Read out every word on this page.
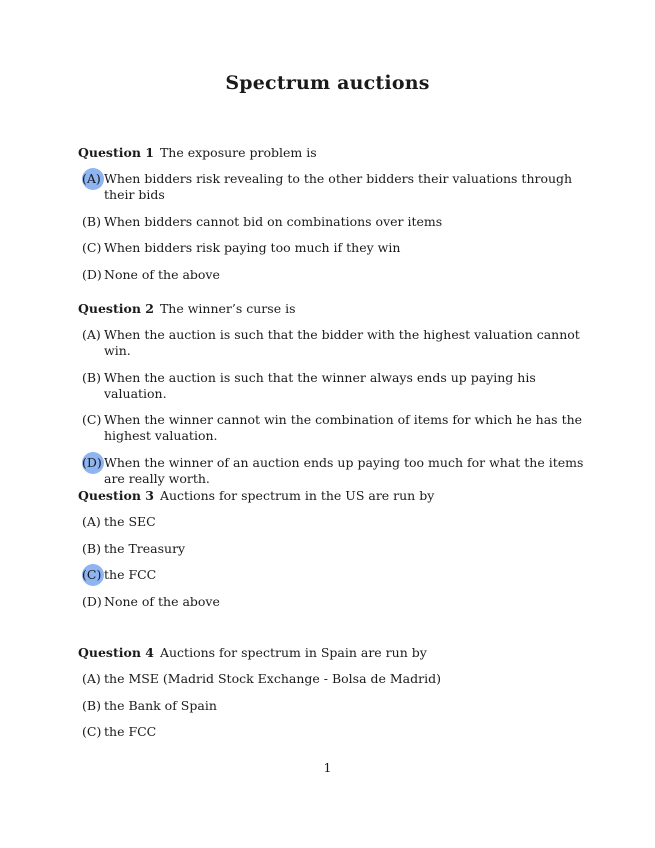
Spectrum auctions

Question 1 The exposure problem is

(A) When bidders risk revealing to the other bidders their valuations through their bids
(B) When bidders cannot bid on combinations over items
(C) When bidders risk paying too much if they win
(D) None of the above

Question 2 The winner’s curse is

(A) When the auction is such that the bidder with the highest valuation cannot win.
(B) When the auction is such that the winner always ends up paying his valuation.
(C) When the winner cannot win the combination of items for which he has the highest valuation.
(D) When the winner of an auction ends up paying too much for what the items are really worth.

Question 3 Auctions for spectrum in the US are run by

(A) the SEC
(B) the Treasury
(C) the FCC
(D) None of the above

Question 4 Auctions for spectrum in Spain are run by

(A) the MSE (Madrid Stock Exchange - Bolsa de Madrid)
(B) the Bank of Spain
(C) the FCC
1
